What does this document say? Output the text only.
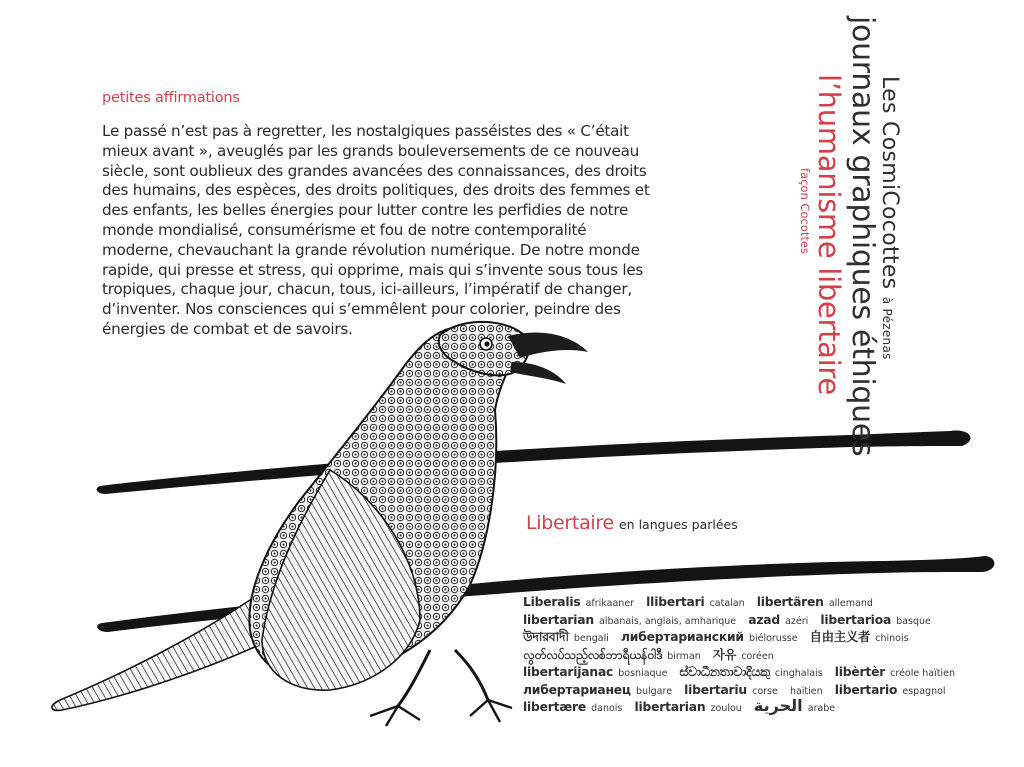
petites affirmations
Le passé n’est pas à regretter, les nostalgiques passéistes des « C’était mieux avant », aveuglés par les grands bouleversements de ce nouveau siècle, sont oublieux des grandes avancées des connaissances, des droits des humains, des espèces, des droits politiques, des droits des femmes et des enfants, les belles énergies pour lutter contre les perfidies de notre monde mondialisé, consumérisme et fou de notre contemporalité moderne, chevauchant la grande révolution numérique. De notre monde rapide, qui presse et stress, qui opprime, mais qui s’invente sous tous les tropiques, chaque jour, chacun, tous, ici-ailleurs, l’impératif de changer, d’inventer. Nos consciences qui s’emmêlent pour colorier, peindre des énergies de combat et de savoirs.
Les CosmiCocottes à Pézenas
journaux graphiques éthiques
l’humanisme libertaire
façon Cocottes
Libertaire en langues parlées
Liberalis afrikaaner llibertari catalan libertären allemand
libertarian albanais, anglais, amharique azad azéri libertarioa basque
উদারবাদী bengali либертарианский biélorusse 自由主义者 chinois
လွတ်လပ်သည့်လစ်ဘာရီယန်ဝါဒီ birman 자유 coréen
libertarijanac bosniaque ස්වාධීනතාවාදියකු cinghalais libèrtèr créole haïtien
либертарианец bulgare libertariu corse haïtien libertario espagnol
libertære danois libertarian zoulou الحرية arabe
